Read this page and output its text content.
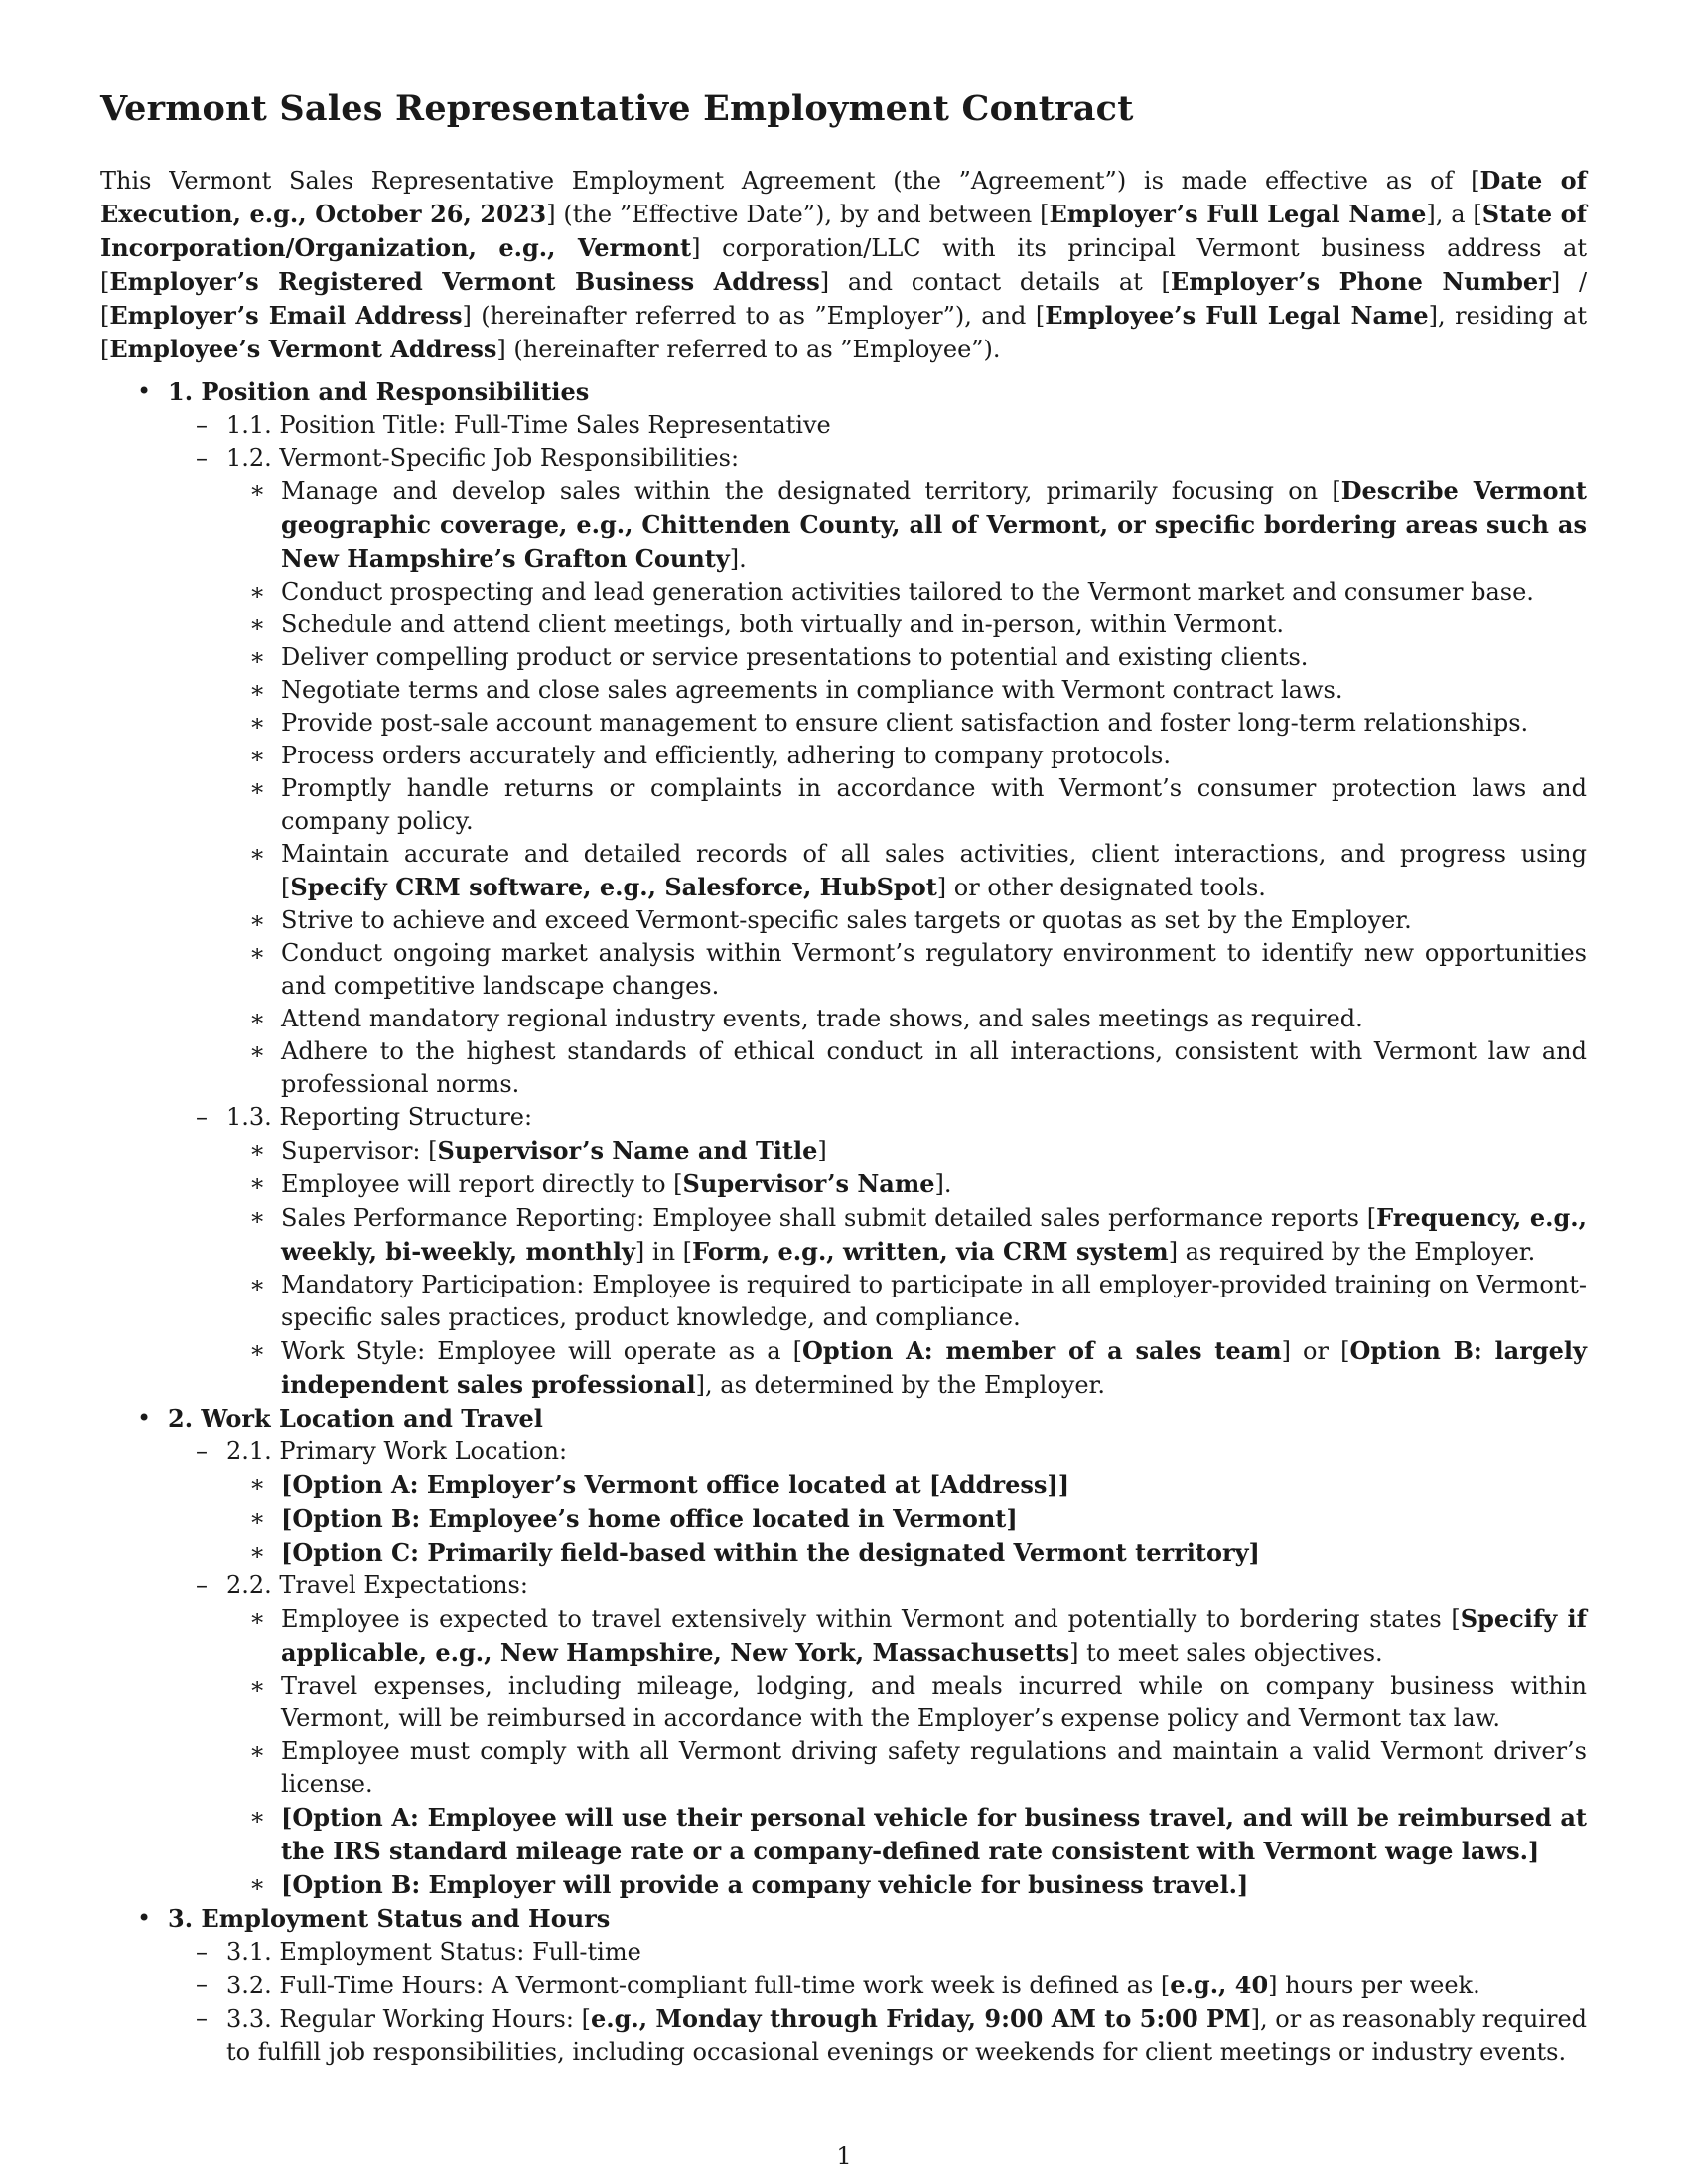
Vermont Sales Representative Employment Contract

This Vermont Sales Representative Employment Agreement (the ”Agreement”) is made effective as of [Date of Execution, e.g., October 26, 2023] (the ”Effective Date”), by and between [Employer’s Full Legal Name], a [State of Incorporation/Organization, e.g., Vermont] corporation/LLC with its principal Vermont business address at [Employer’s Registered Vermont Business Address] and contact details at [Employer’s Phone Number] / [Employer’s Email Address] (hereinafter referred to as ”Employer”), and [Employee’s Full Legal Name], residing at [Employee’s Vermont Address] (hereinafter referred to as ”Employee”).

• 1. Position and Responsibilities
– 1.1. Position Title: Full-Time Sales Representative
– 1.2. Vermont-Specific Job Responsibilities:
∗ Manage and develop sales within the designated territory, primarily focusing on [Describe Vermont geographic coverage, e.g., Chittenden County, all of Vermont, or specific bordering areas such as New Hampshire’s Grafton County].
∗ Conduct prospecting and lead generation activities tailored to the Vermont market and consumer base.
∗ Schedule and attend client meetings, both virtually and in-person, within Vermont.
∗ Deliver compelling product or service presentations to potential and existing clients.
∗ Negotiate terms and close sales agreements in compliance with Vermont contract laws.
∗ Provide post-sale account management to ensure client satisfaction and foster long-term relationships.
∗ Process orders accurately and efficiently, adhering to company protocols.
∗ Promptly handle returns or complaints in accordance with Vermont’s consumer protection laws and company policy.
∗ Maintain accurate and detailed records of all sales activities, client interactions, and progress using [Specify CRM software, e.g., Salesforce, HubSpot] or other designated tools.
∗ Strive to achieve and exceed Vermont-specific sales targets or quotas as set by the Employer.
∗ Conduct ongoing market analysis within Vermont’s regulatory environment to identify new opportunities and competitive landscape changes.
∗ Attend mandatory regional industry events, trade shows, and sales meetings as required.
∗ Adhere to the highest standards of ethical conduct in all interactions, consistent with Vermont law and professional norms.
– 1.3. Reporting Structure:
∗ Supervisor: [Supervisor’s Name and Title]
∗ Employee will report directly to [Supervisor’s Name].
∗ Sales Performance Reporting: Employee shall submit detailed sales performance reports [Frequency, e.g., weekly, bi-weekly, monthly] in [Form, e.g., written, via CRM system] as required by the Employer.
∗ Mandatory Participation: Employee is required to participate in all employer-provided training on Vermont-specific sales practices, product knowledge, and compliance.
∗ Work Style: Employee will operate as a [Option A: member of a sales team] or [Option B: largely independent sales professional], as determined by the Employer.
• 2. Work Location and Travel
– 2.1. Primary Work Location:
∗ [Option A: Employer’s Vermont office located at [Address]]
∗ [Option B: Employee’s home office located in Vermont]
∗ [Option C: Primarily field-based within the designated Vermont territory]
– 2.2. Travel Expectations:
∗ Employee is expected to travel extensively within Vermont and potentially to bordering states [Specify if applicable, e.g., New Hampshire, New York, Massachusetts] to meet sales objectives.
∗ Travel expenses, including mileage, lodging, and meals incurred while on company business within Vermont, will be reimbursed in accordance with the Employer’s expense policy and Vermont tax law.
∗ Employee must comply with all Vermont driving safety regulations and maintain a valid Vermont driver’s license.
∗ [Option A: Employee will use their personal vehicle for business travel, and will be reimbursed at the IRS standard mileage rate or a company-defined rate consistent with Vermont wage laws.]
∗ [Option B: Employer will provide a company vehicle for business travel.]
• 3. Employment Status and Hours
– 3.1. Employment Status: Full-time
– 3.2. Full-Time Hours: A Vermont-compliant full-time work week is defined as [e.g., 40] hours per week.
– 3.3. Regular Working Hours: [e.g., Monday through Friday, 9:00 AM to 5:00 PM], or as reasonably required to fulfill job responsibilities, including occasional evenings or weekends for client meetings or industry events.
1
